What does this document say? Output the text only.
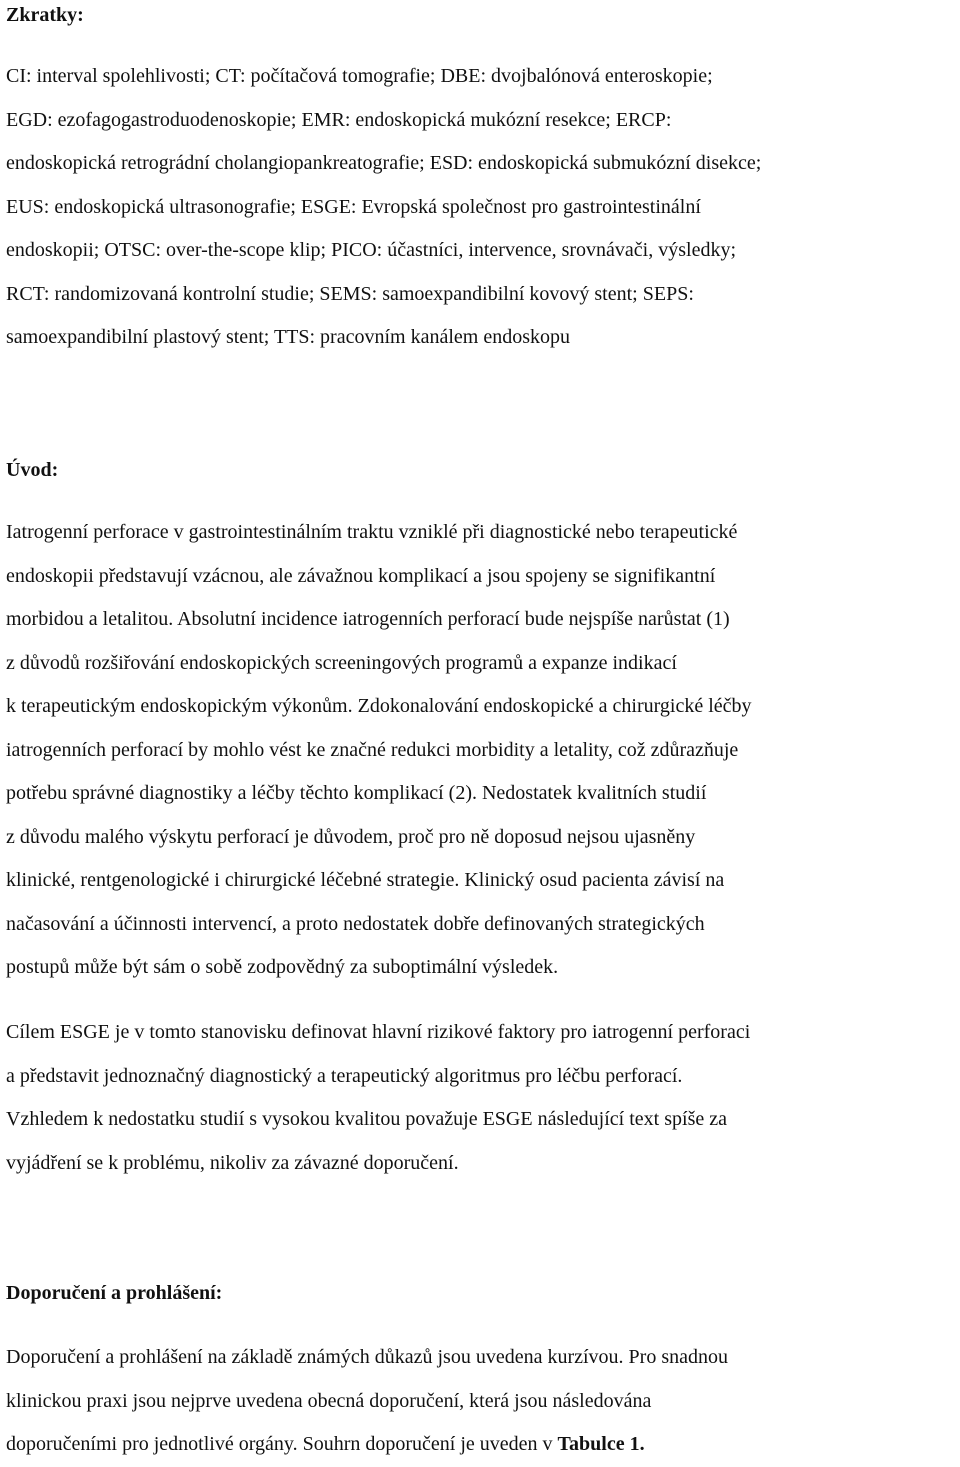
Zkratky:

CI: interval spolehlivosti; CT: počítačová tomografie; DBE: dvojbalónová enteroskopie;
EGD: ezofagogastroduodenoskopie; EMR: endoskopická mukózní resekce; ERCP:
endoskopická retrográdní cholangiopankreatografie; ESD: endoskopická submukózní disekce;
EUS: endoskopická ultrasonografie; ESGE: Evropská společnost pro gastrointestinální
endoskopii; OTSC: over-the-scope klip; PICO: účastníci, intervence, srovnávači, výsledky;
RCT: randomizovaná kontrolní studie; SEMS: samoexpandibilní kovový stent; SEPS:
samoexpandibilní plastový stent; TTS: pracovním kanálem endoskopu

Úvod:

Iatrogenní perforace v gastrointestinálním traktu vzniklé při diagnostické nebo terapeutické
endoskopii představují vzácnou, ale závažnou komplikací a jsou spojeny se signifikantní
morbidou a letalitou. Absolutní incidence iatrogenních perforací bude nejspíše narůstat (1)
z důvodů rozšiřování endoskopických screeningových programů a expanze indikací
k terapeutickým endoskopickým výkonům. Zdokonalování endoskopické a chirurgické léčby
iatrogenních perforací by mohlo vést ke značné redukci morbidity a letality, což zdůrazňuje
potřebu správné diagnostiky a léčby těchto komplikací (2). Nedostatek kvalitních studií
z důvodu malého výskytu perforací je důvodem, proč pro ně doposud nejsou ujasněny
klinické, rentgenologické i chirurgické léčebné strategie. Klinický osud pacienta závisí na
načasování a účinnosti intervencí, a proto nedostatek dobře definovaných strategických
postupů může být sám o sobě zodpovědný za suboptimální výsledek.

Cílem ESGE je v tomto stanovisku definovat hlavní rizikové faktory pro iatrogenní perforaci
a představit jednoznačný diagnostický a terapeutický algoritmus pro léčbu perforací.
Vzhledem k nedostatku studií s vysokou kvalitou považuje ESGE následující text spíše za
vyjádření se k problému, nikoliv za závazné doporučení.

Doporučení a prohlášení:

Doporučení a prohlášení na základě známých důkazů jsou uvedena kurzívou. Pro snadnou
klinickou praxi jsou nejprve uvedena obecná doporučení, která jsou následována
doporučeními pro jednotlivé orgány. Souhrn doporučení je uveden v Tabulce 1.
